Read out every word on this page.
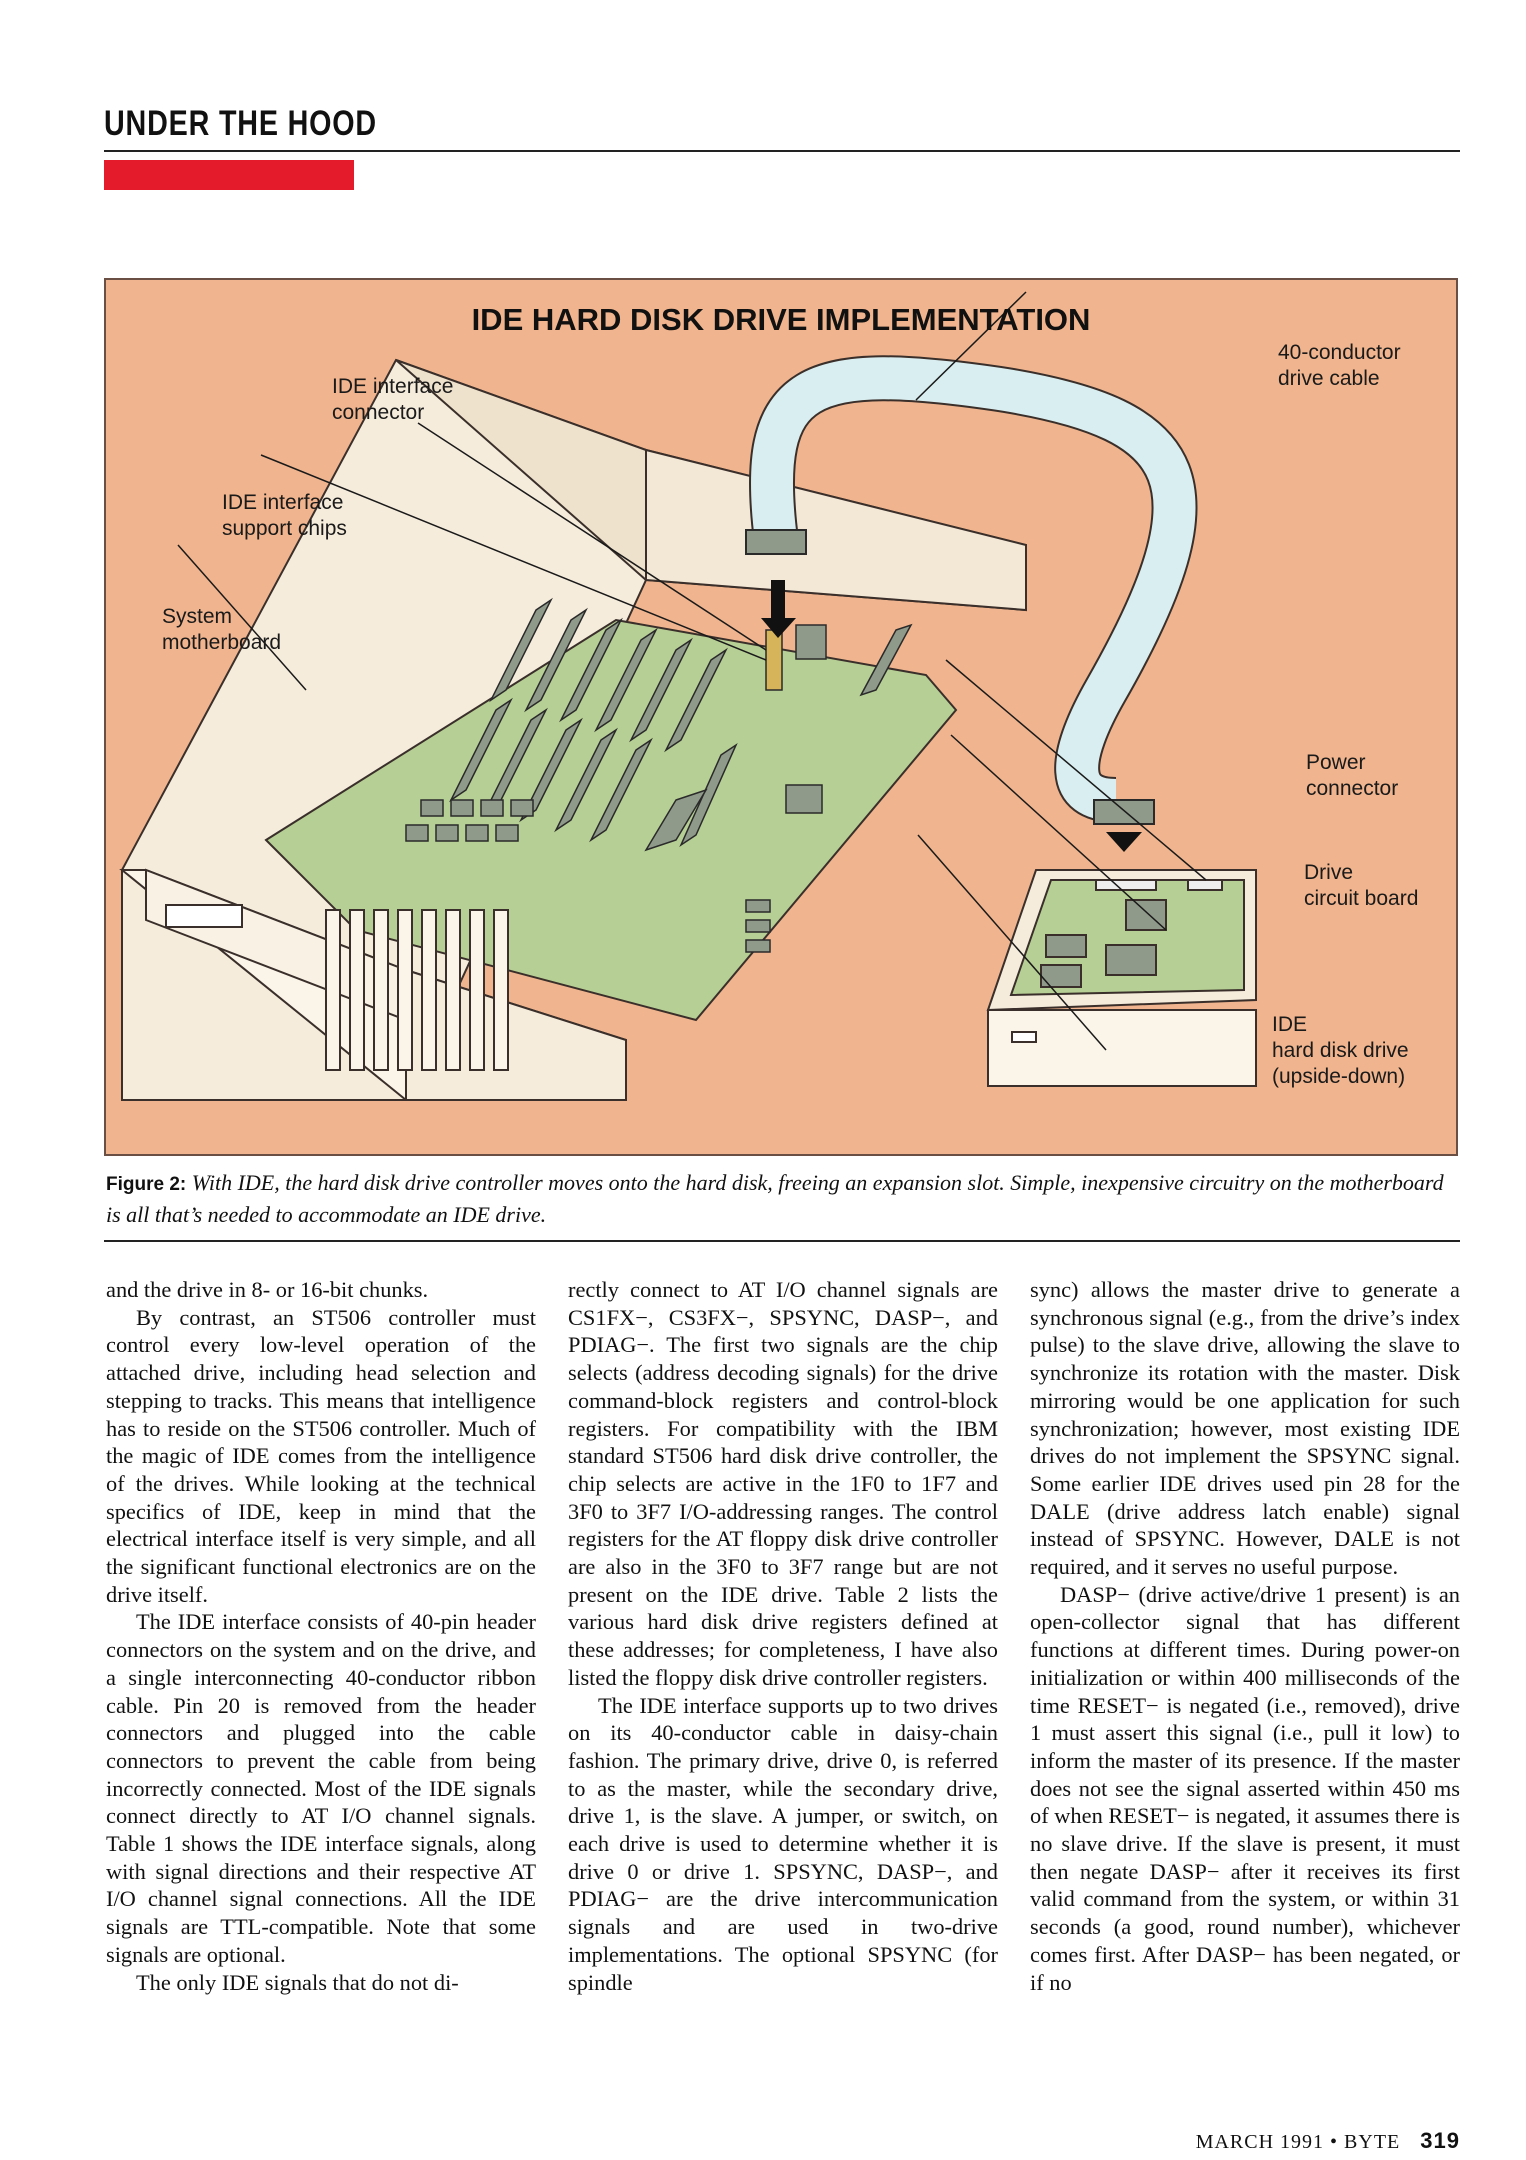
UNDER THE HOOD
IDE HARD DISK DRIVE IMPLEMENTATION
IDE interface
connector
IDE interface
support chips
System
motherboard
40-conductor
drive cable
Power
connector
Drive
circuit board
IDE
hard disk drive
(upside-down)
Figure 2: With IDE, the hard disk drive controller moves onto the hard disk, freeing an expansion slot. Simple, inexpensive circuitry on the motherboard is all that’s needed to accommodate an IDE drive.

and the drive in 8- or 16-bit chunks.

By contrast, an ST506 controller must control every low-level operation of the attached drive, including head selection and stepping to tracks. This means that intelligence has to reside on the ST506 controller. Much of the magic of IDE comes from the intelligence of the drives. While looking at the technical specifics of IDE, keep in mind that the electrical interface itself is very simple, and all the significant functional electronics are on the drive itself.

The IDE interface consists of 40-pin header connectors on the system and on the drive, and a single interconnecting 40-conductor ribbon cable. Pin 20 is removed from the header connectors and plugged into the cable connectors to prevent the cable from being incorrectly connected. Most of the IDE signals connect directly to AT I/O channel signals. Table 1 shows the IDE interface signals, along with signal directions and their respective AT I/O channel signal connections. All the IDE signals are TTL-compatible. Note that some signals are optional.

The only IDE signals that do not di-

rectly connect to AT I/O channel signals are CS1FX−, CS3FX−, SPSYNC, DASP−, and PDIAG−. The first two signals are the chip selects (address decoding signals) for the drive command-block registers and control-block registers. For compatibility with the IBM standard ST506 hard disk drive controller, the chip selects are active in the 1F0 to 1F7 and 3F0 to 3F7 I/O-addressing ranges. The control registers for the AT floppy disk drive controller are also in the 3F0 to 3F7 range but are not present on the IDE drive. Table 2 lists the various hard disk drive registers defined at these addresses; for completeness, I have also listed the floppy disk drive controller registers.

The IDE interface supports up to two drives on its 40-conductor cable in daisy-chain fashion. The primary drive, drive 0, is referred to as the master, while the secondary drive, drive 1, is the slave. A jumper, or switch, on each drive is used to determine whether it is drive 0 or drive 1. SPSYNC, DASP−, and PDIAG− are the drive intercommunication signals and are used in two-drive implementations. The optional SPSYNC (for spindle

sync) allows the master drive to generate a synchronous signal (e.g., from the drive’s index pulse) to the slave drive, allowing the slave to synchronize its rotation with the master. Disk mirroring would be one application for such synchronization; however, most existing IDE drives do not implement the SPSYNC signal. Some earlier IDE drives used pin 28 for the DALE (drive address latch enable) signal instead of SPSYNC. However, DALE is not required, and it serves no useful purpose.

DASP− (drive active/drive 1 present) is an open-collector signal that has different functions at different times. During power-on initialization or within 400 milliseconds of the time RESET− is negated (i.e., removed), drive 1 must assert this signal (i.e., pull it low) to inform the master of its presence. If the master does not see the signal asserted within 450 ms of when RESET− is negated, it assumes there is no slave drive. If the slave is present, it must then negate DASP− after it receives its first valid command from the system, or within 31 seconds (a good, round number), whichever comes first. After DASP− has been negated, or if no

MARCH 1991 • BYTE 319
